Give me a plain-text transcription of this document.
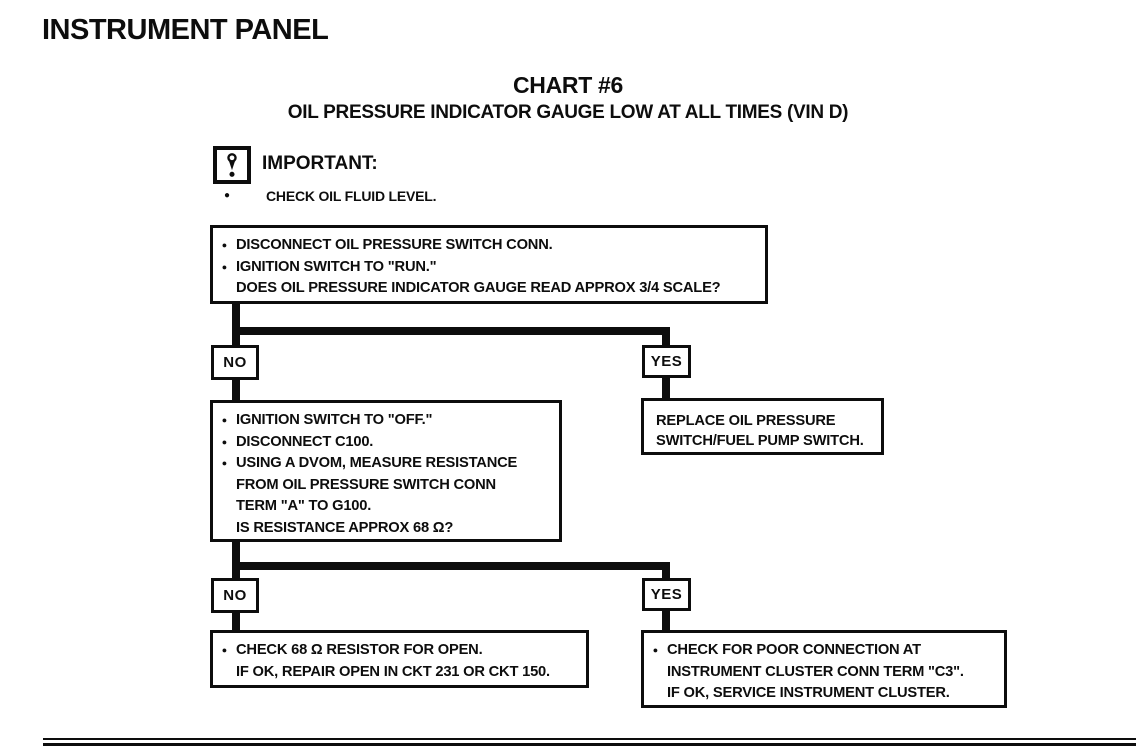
INSTRUMENT PANEL
CHART #6
OIL PRESSURE INDICATOR GAUGE LOW AT ALL TIMES (VIN D)
IMPORTANT:
●	CHECK OIL FLUID LEVEL.
● DISCONNECT OIL PRESSURE SWITCH CONN.
● IGNITION SWITCH TO "RUN."
DOES OIL PRESSURE INDICATOR GAUGE READ APPROX 3/4 SCALE?
NO	YES
REPLACE OIL PRESSURE
SWITCH/FUEL PUMP SWITCH.
● IGNITION SWITCH TO "OFF."
● DISCONNECT C100.
● USING A DVOM, MEASURE RESISTANCE
FROM OIL PRESSURE SWITCH CONN
TERM "A" TO G100.
IS RESISTANCE APPROX 68 Ω?
NO	YES
● CHECK 68 Ω RESISTOR FOR OPEN.
IF OK, REPAIR OPEN IN CKT 231 OR CKT 150.
● CHECK FOR POOR CONNECTION AT
INSTRUMENT CLUSTER CONN TERM "C3".
IF OK, SERVICE INSTRUMENT CLUSTER.
